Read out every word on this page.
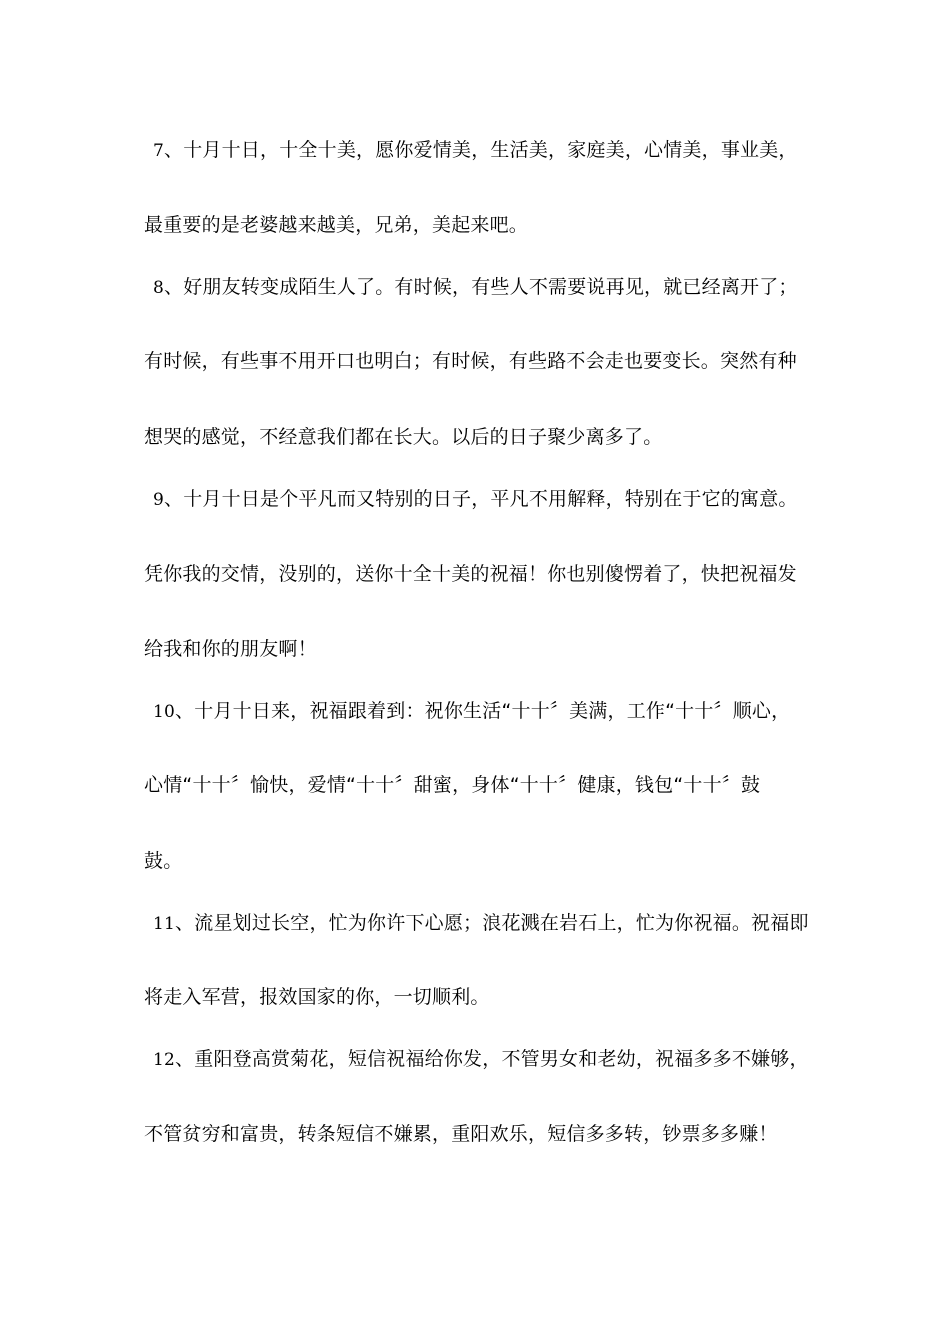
7、十月十日，十全十美，愿你爱情美，生活美，家庭美，心情美，事业美，
最重要的是老婆越来越美，兄弟，美起来吧。
8、好朋友转变成陌生人了。有时候，有些人不需要说再见，就已经离开了；
有时候，有些事不用开口也明白；有时候，有些路不会走也要变长。突然有种
想哭的感觉，不经意我们都在长大。以后的日子聚少离多了。
9、十月十日是个平凡而又特别的日子，平凡不用解释，特别在于它的寓意。
凭你我的交情，没别的，送你十全十美的祝福！你也别傻愣着了，快把祝福发
给我和你的朋友啊！
10、十月十日来，祝福跟着到：祝你生活“十十〞美满，工作“十十〞顺心，
心情“十十〞愉快，爱情“十十〞甜蜜，身体“十十〞健康，钱包“十十〞鼓
鼓。
11、流星划过长空，忙为你许下心愿；浪花溅在岩石上，忙为你祝福。祝福即
将走入军营，报效国家的你，一切顺利。
12、重阳登高赏菊花，短信祝福给你发，不管男女和老幼，祝福多多不嫌够，
不管贫穷和富贵，转条短信不嫌累，重阳欢乐，短信多多转，钞票多多赚！
